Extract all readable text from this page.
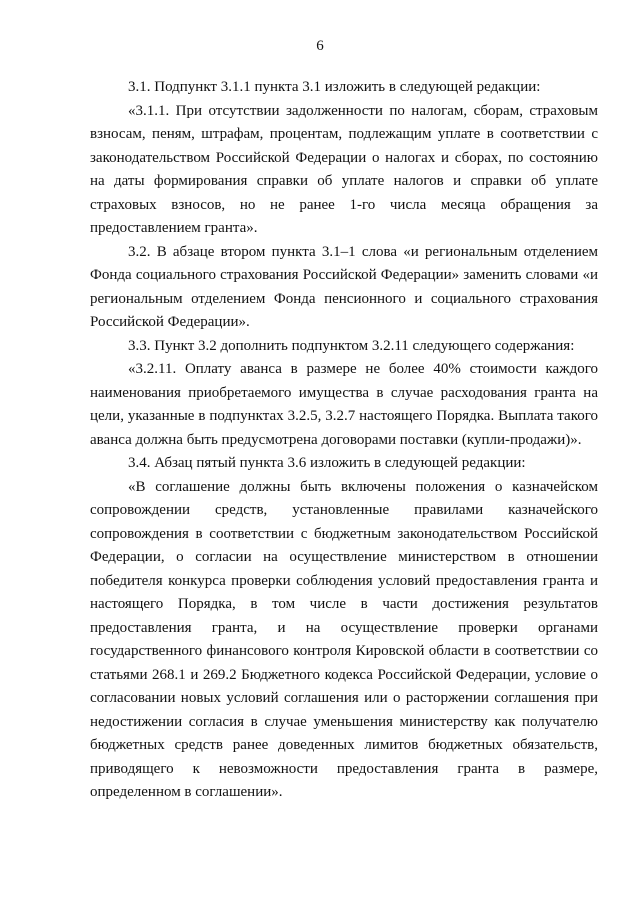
6

3.1. Подпункт 3.1.1 пункта 3.1 изложить в следующей редакции:

«3.1.1. При отсутствии задолженности по налогам, сборам, страховым взносам, пеням, штрафам, процентам, подлежащим уплате в соответствии с законодательством Российской Федерации о налогах и сборах, по состоянию на даты формирования справки об уплате налогов и справки об уплате страховых взносов, но не ранее 1-го числа месяца обращения за предоставлением гранта».

3.2. В абзаце втором пункта 3.1–1 слова «и региональным отделением Фонда социального страхования Российской Федерации» заменить словами «и региональным отделением Фонда пенсионного и социального страхования Российской Федерации».

3.3. Пункт 3.2 дополнить подпунктом 3.2.11 следующего содержания:

«3.2.11. Оплату аванса в размере не более 40% стоимости каждого наименования приобретаемого имущества в случае расходования гранта на цели, указанные в подпунктах 3.2.5, 3.2.7 настоящего Порядка. Выплата такого аванса должна быть предусмотрена договорами поставки (купли-продажи)».

3.4. Абзац пятый пункта 3.6 изложить в следующей редакции:

«В соглашение должны быть включены положения о казначейском сопровождении средств, установленные правилами казначейского сопровождения в соответствии с бюджетным законодательством Российской Федерации, о согласии на осуществление министерством в отношении победителя конкурса проверки соблюдения условий предоставления гранта и настоящего Порядка, в том числе в части достижения результатов предоставления гранта, и на осуществление проверки органами государственного финансового контроля Кировской области в соответствии со статьями 268.1 и 269.2 Бюджетного кодекса Российской Федерации, условие о согласовании новых условий соглашения или о расторжении соглашения при недостижении согласия в случае уменьшения министерству как получателю бюджетных средств ранее доведенных лимитов бюджетных обязательств, приводящего к невозможности предоставления гранта в размере, определенном в соглашении».
